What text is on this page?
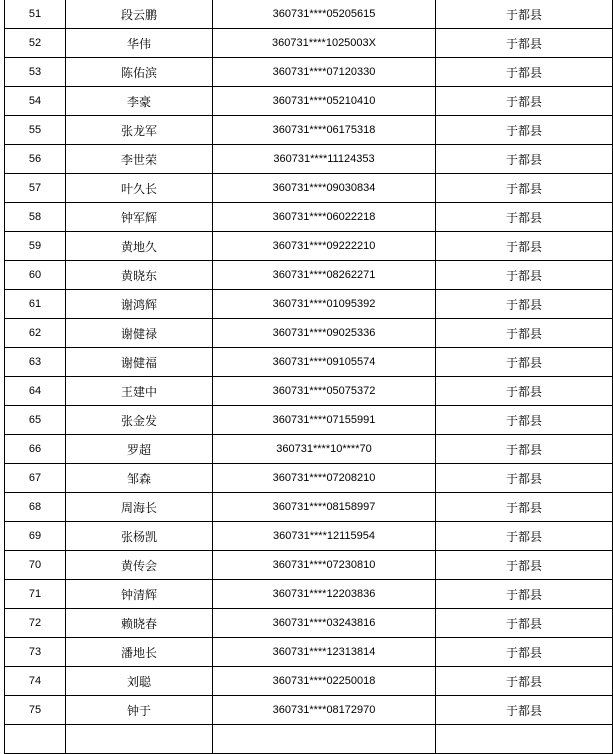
51	段云鹏	360731****05205615	于都县
52	华伟	360731****1025003X	于都县
53	陈佑滨	360731****07120330	于都县
54	李豪	360731****05210410	于都县
55	张龙军	360731****06175318	于都县
56	李世荣	360731****11124353	于都县
57	叶久长	360731****09030834	于都县
58	钟军辉	360731****06022218	于都县
59	黄地久	360731****09222210	于都县
60	黄晓东	360731****08262271	于都县
61	谢鸿辉	360731****01095392	于都县
62	谢健禄	360731****09025336	于都县
63	谢健福	360731****09105574	于都县
64	王建中	360731****05075372	于都县
65	张金发	360731****07155991	于都县
66	罗超	360731****10****70	于都县
67	邹森	360731****07208210	于都县
68	周海长	360731****08158997	于都县
69	张杨凯	360731****12115954	于都县
70	黄传会	360731****07230810	于都县
71	钟清辉	360731****12203836	于都县
72	赖晓春	360731****03243816	于都县
73	潘地长	360731****12313814	于都县
74	刘聪	360731****02250018	于都县
75	钟于	360731****08172970	于都县
